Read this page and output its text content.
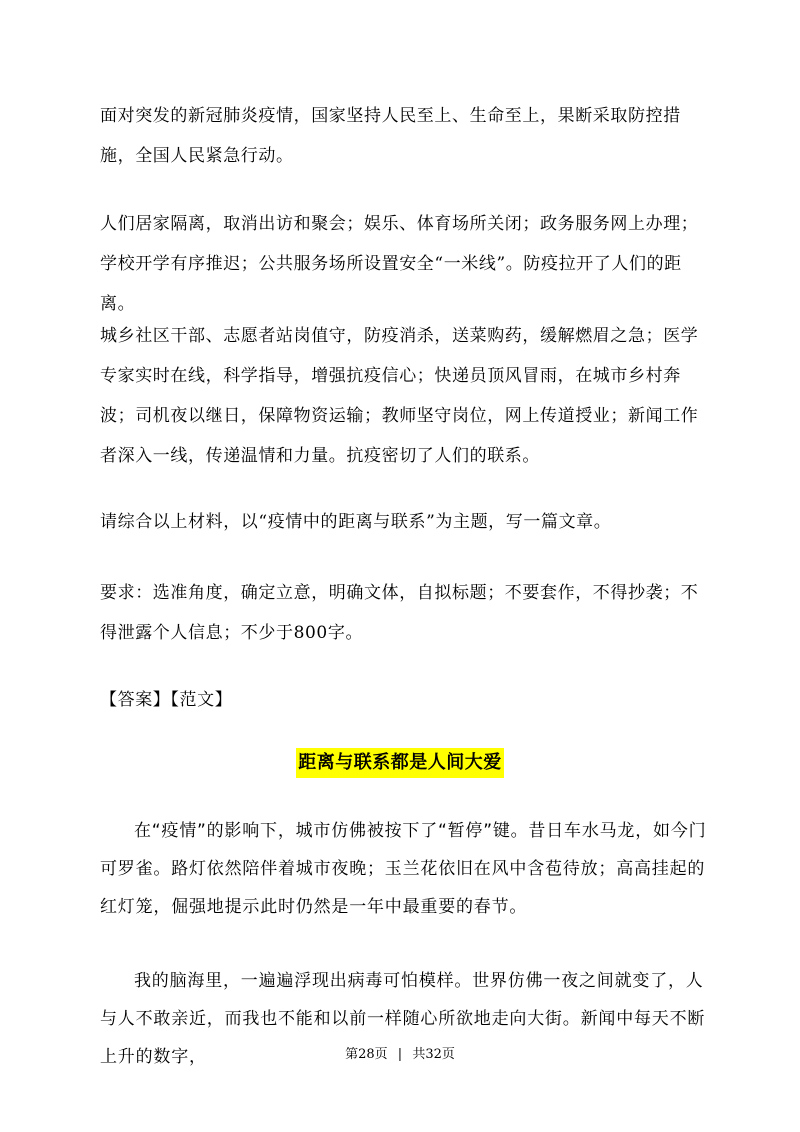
面对突发的新冠肺炎疫情，国家坚持人民至上、生命至上，果断采取防控措施，全国人民紧急行动。

人们居家隔离，取消出访和聚会；娱乐、体育场所关闭；政务服务网上办理；学校开学有序推迟；公共服务场所设置安全“一米线”。防疫拉开了人们的距离。

城乡社区干部、志愿者站岗值守，防疫消杀，送菜购药，缓解燃眉之急；医学专家实时在线，科学指导，增强抗疫信心；快递员顶风冒雨，在城市乡村奔波；司机夜以继日，保障物资运输；教师坚守岗位，网上传道授业；新闻工作者深入一线，传递温情和力量。抗疫密切了人们的联系。

请综合以上材料，以“疫情中的距离与联系”为主题，写一篇文章。

要求：选准角度，确定立意，明确文体，自拟标题；不要套作，不得抄袭；不得泄露个人信息；不少于800字。

【答案】【范文】

距离与联系都是人间大爱

在“疫情”的影响下，城市仿佛被按下了“暂停”键。昔日车水马龙，如今门可罗雀。路灯依然陪伴着城市夜晚；玉兰花依旧在风中含苞待放；高高挂起的红灯笼，倔强地提示此时仍然是一年中最重要的春节。

我的脑海里，一遍遍浮现出病毒可怕模样。世界仿佛一夜之间就变了，人与人不敢亲近，而我也不能和以前一样随心所欲地走向大街。新闻中每天不断上升的数字，	第28页 | 共32页
